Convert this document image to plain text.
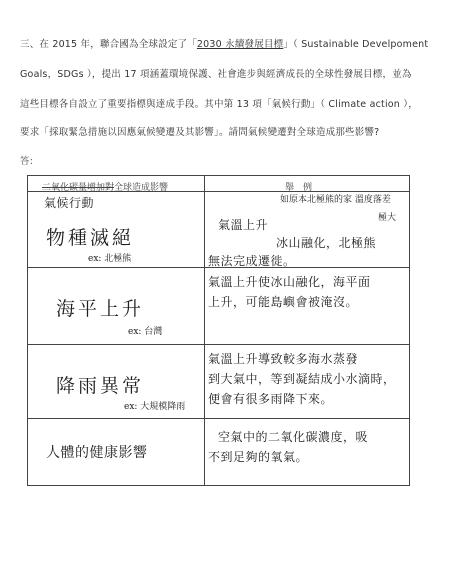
三、在 2015 年，聯合國為全球設定了「2030 永續發展目標」（ Sustainable Develpoment
Goals，SDGs ），提出 17 項涵蓋環境保護、社會進步與經濟成長的全球性發展目標，並為
這些目標各自設立了重要指標與達成手段。其中第 13 項「氣候行動」（ Climate action ），
要求「採取緊急措施以因應氣候變遷及其影響」。請問氣候變遷對全球造成那些影響?
答:
二氧化碳量增加對全球造成影響
氣候行動
舉　例
如原本北極熊的家 溫度落差
極大
物種滅絕
ex: 北極熊
氣溫上升
冰山融化，北極熊
無法完成遷徙。
海平上升
ex: 台灣
氣溫上升使冰山融化，海平面
上升，可能島嶼會被淹沒。
降雨異常
ex: 大規模降雨
氣溫上升導致較多海水蒸發
到大氣中，等到凝結成小水滴時，
便會有很多雨降下來。
人體的健康影響
空氣中的二氧化碳濃度，吸
不到足夠的氧氣。
